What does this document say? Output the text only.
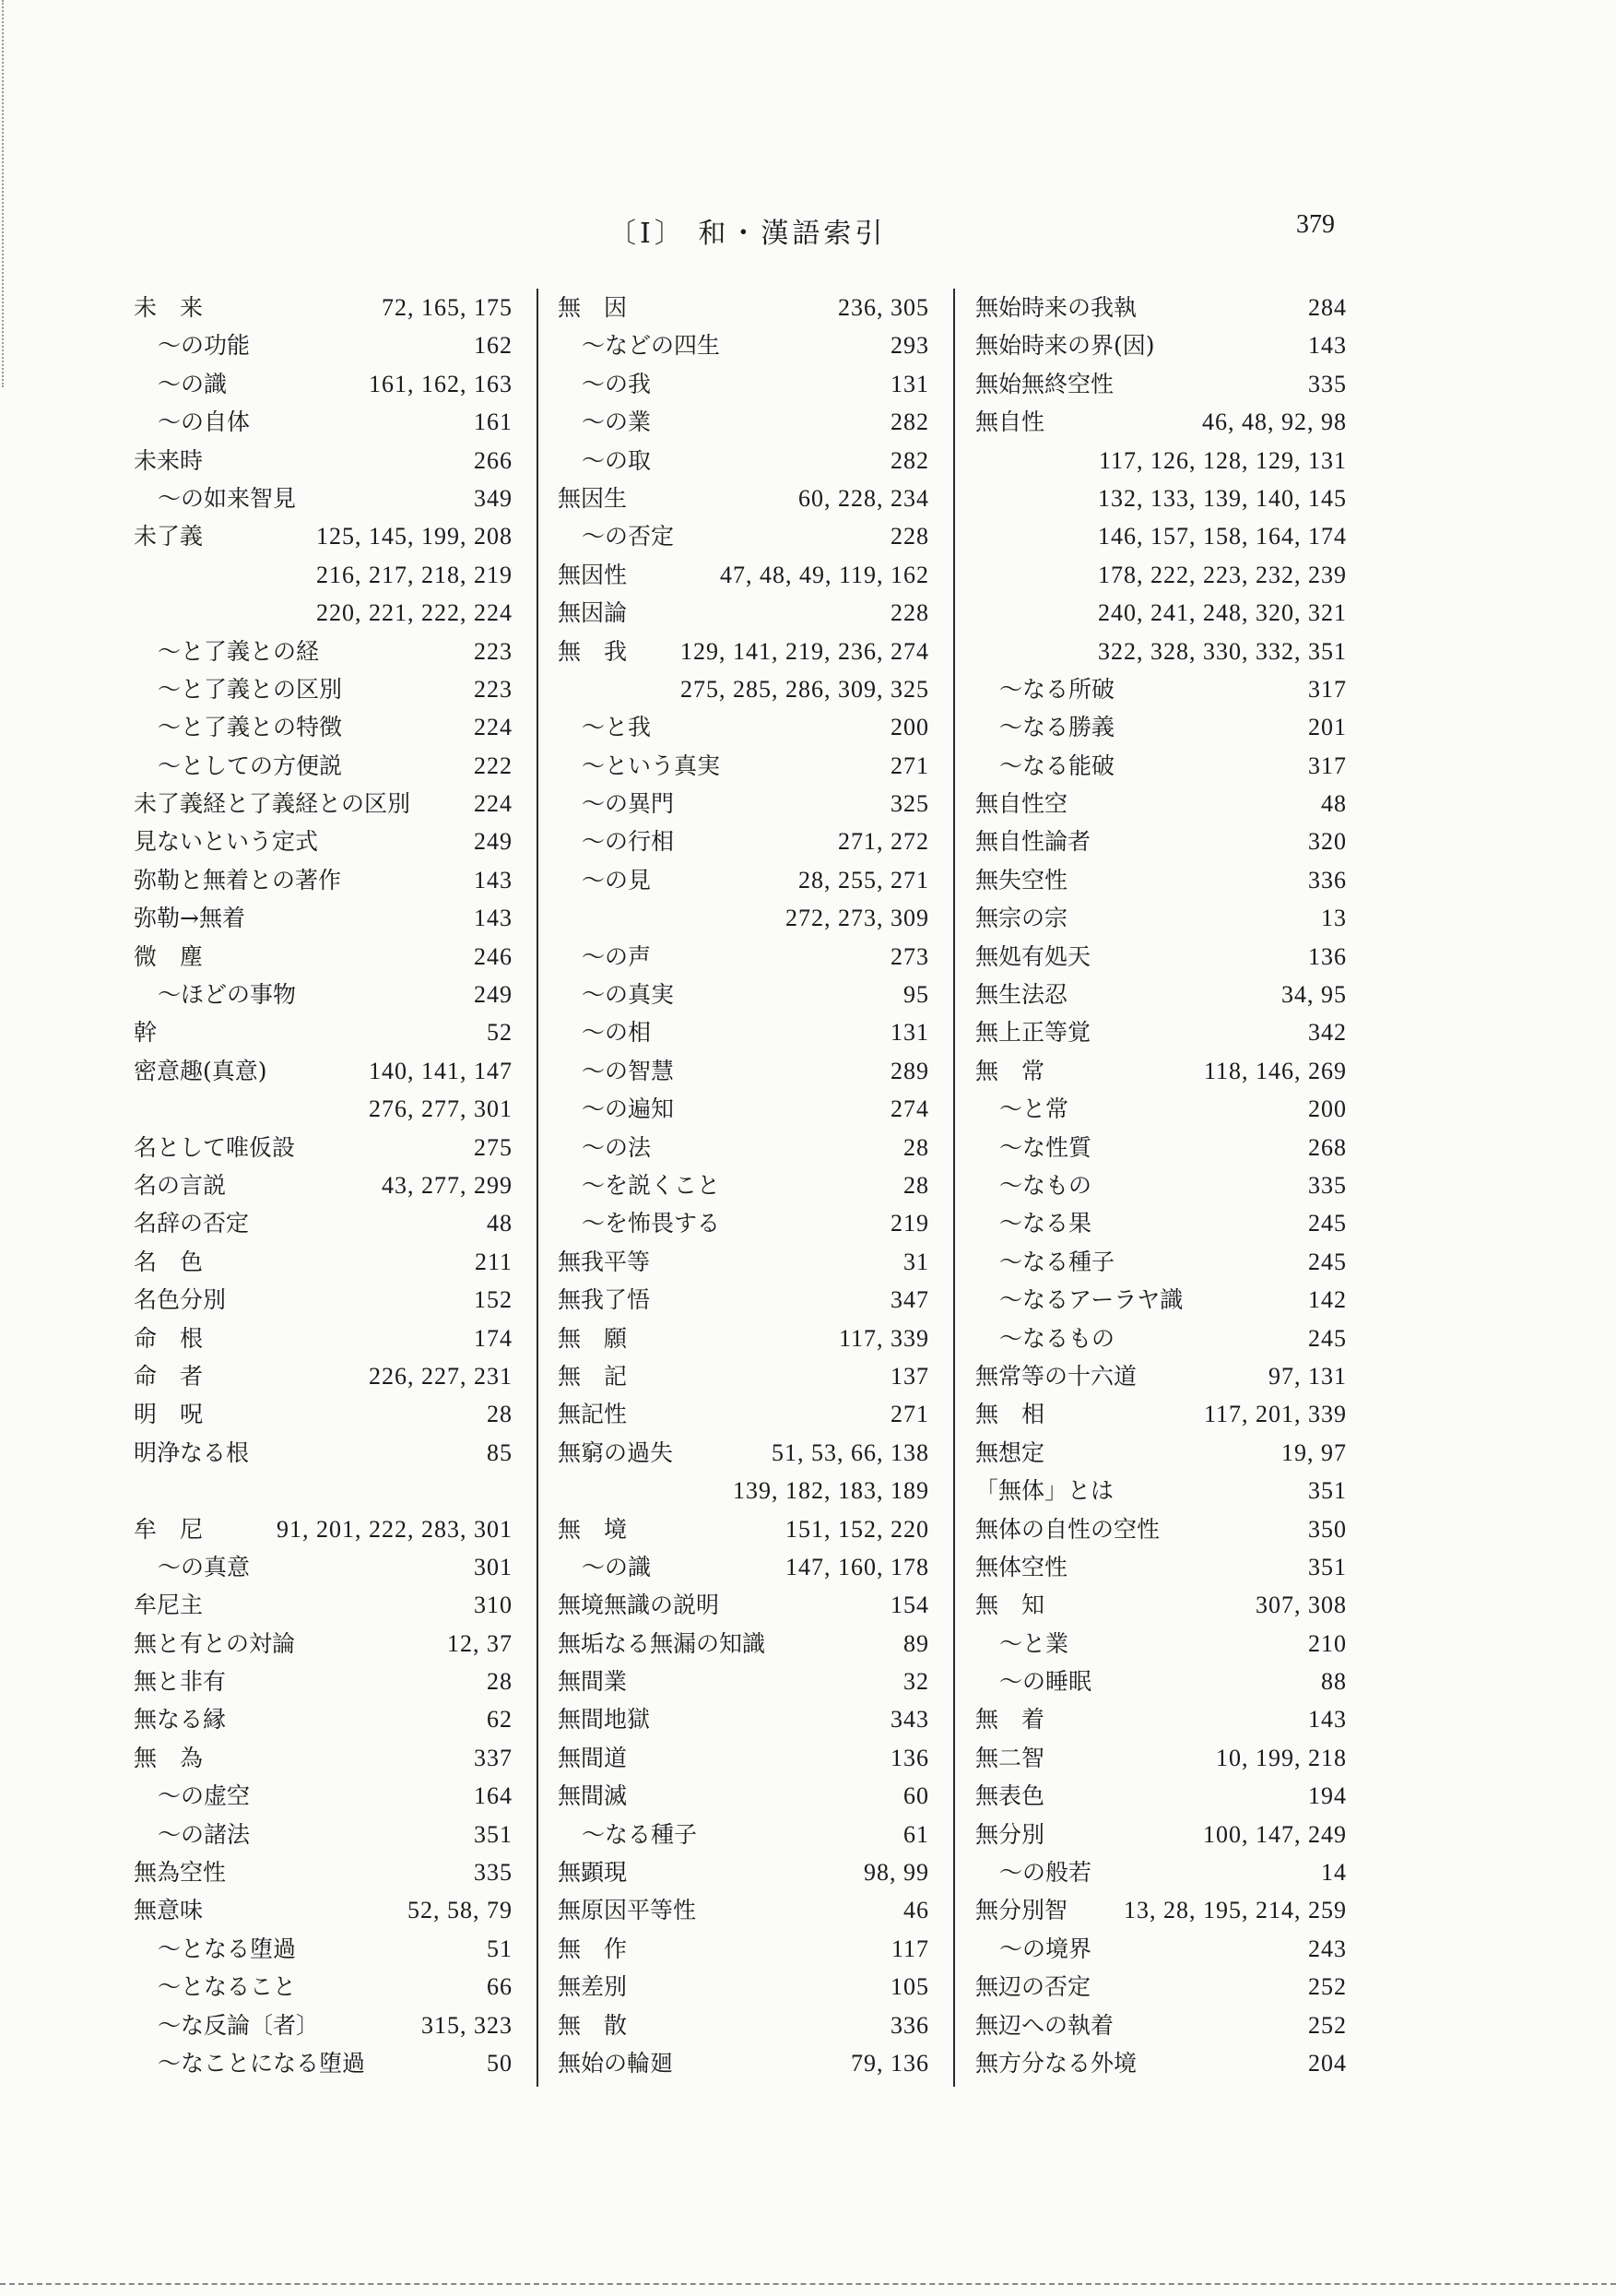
〔Ⅰ〕 和・漢語索引	379
未　来	72, 165, 175
～の功能	162
～の識	161, 162, 163
～の自体	161
未来時	266
～の如来智見	349
未了義	125, 145, 199, 208
216, 217, 218, 219
220, 221, 222, 224
～と了義との経	223
～と了義との区別	223
～と了義との特徴	224
～としての方便説	222
未了義経と了義経との区別	224
見ないという定式	249
弥勒と無着との著作	143
弥勒→無着	143
微　塵	246
～ほどの事物	249
幹	52
密意趣(真意)	140, 141, 147
276, 277, 301
名として唯仮設	275
名の言説	43, 277, 299
名辞の否定	48
名　色	211
名色分別	152
命　根	174
命　者	226, 227, 231
明　呪	28
明浄なる根	85
牟　尼	91, 201, 222, 283, 301
～の真意	301
牟尼主	310
無と有との対論	12, 37
無と非有	28
無なる縁	62
無　為	337
～の虚空	164
～の諸法	351
無為空性	335
無意味	52, 58, 79
～となる堕過	51
～となること	66
～な反論〔者〕	315, 323
～なことになる堕過	50
無　因	236, 305
～などの四生	293
～の我	131
～の業	282
～の取	282
無因生	60, 228, 234
～の否定	228
無因性	47, 48, 49, 119, 162
無因論	228
無　我 129, 141, 219, 236, 274
275, 285, 286, 309, 325
～と我	200
～という真実	271
～の異門	325
～の行相	271, 272
～の見	28, 255, 271
272, 273, 309
～の声	273
～の真実	95
～の相	131
～の智慧	289
～の遍知	274
～の法	28
～を説くこと	28
～を怖畏する	219
無我平等	31
無我了悟	347
無　願	117, 339
無　記	137
無記性	271
無窮の過失	51, 53, 66, 138
139, 182, 183, 189
無　境	151, 152, 220
～の識	147, 160, 178
無境無識の説明	154
無垢なる無漏の知識	89
無間業	32
無間地獄	343
無間道	136
無間滅	60
～なる種子	61
無顕現	98, 99
無原因平等性	46
無　作	117
無差別	105
無　散	336
無始の輪廻	79, 136
無始時来の我執	284
無始時来の界(因)	143
無始無終空性	335
無自性	46, 48, 92, 98
117, 126, 128, 129, 131
132, 133, 139, 140, 145
146, 157, 158, 164, 174
178, 222, 223, 232, 239
240, 241, 248, 320, 321
322, 328, 330, 332, 351
～なる所破	317
～なる勝義	201
～なる能破	317
無自性空	48
無自性論者	320
無失空性	336
無宗の宗	13
無処有処天	136
無生法忍	34, 95
無上正等覚	342
無　常	118, 146, 269
～と常	200
～な性質	268
～なもの	335
～なる果	245
～なる種子	245
～なるアーラヤ識	142
～なるもの	245
無常等の十六道	97, 131
無　相	117, 201, 339
無想定	19, 97
「無体」とは	351
無体の自性の空性	350
無体空性	351
無　知	307, 308
～と業	210
～の睡眠	88
無　着	143
無二智	10, 199, 218
無表色	194
無分別	100, 147, 249
～の般若	14
無分別智 13, 28, 195, 214, 259
～の境界	243
無辺の否定	252
無辺への執着	252
無方分なる外境	204
